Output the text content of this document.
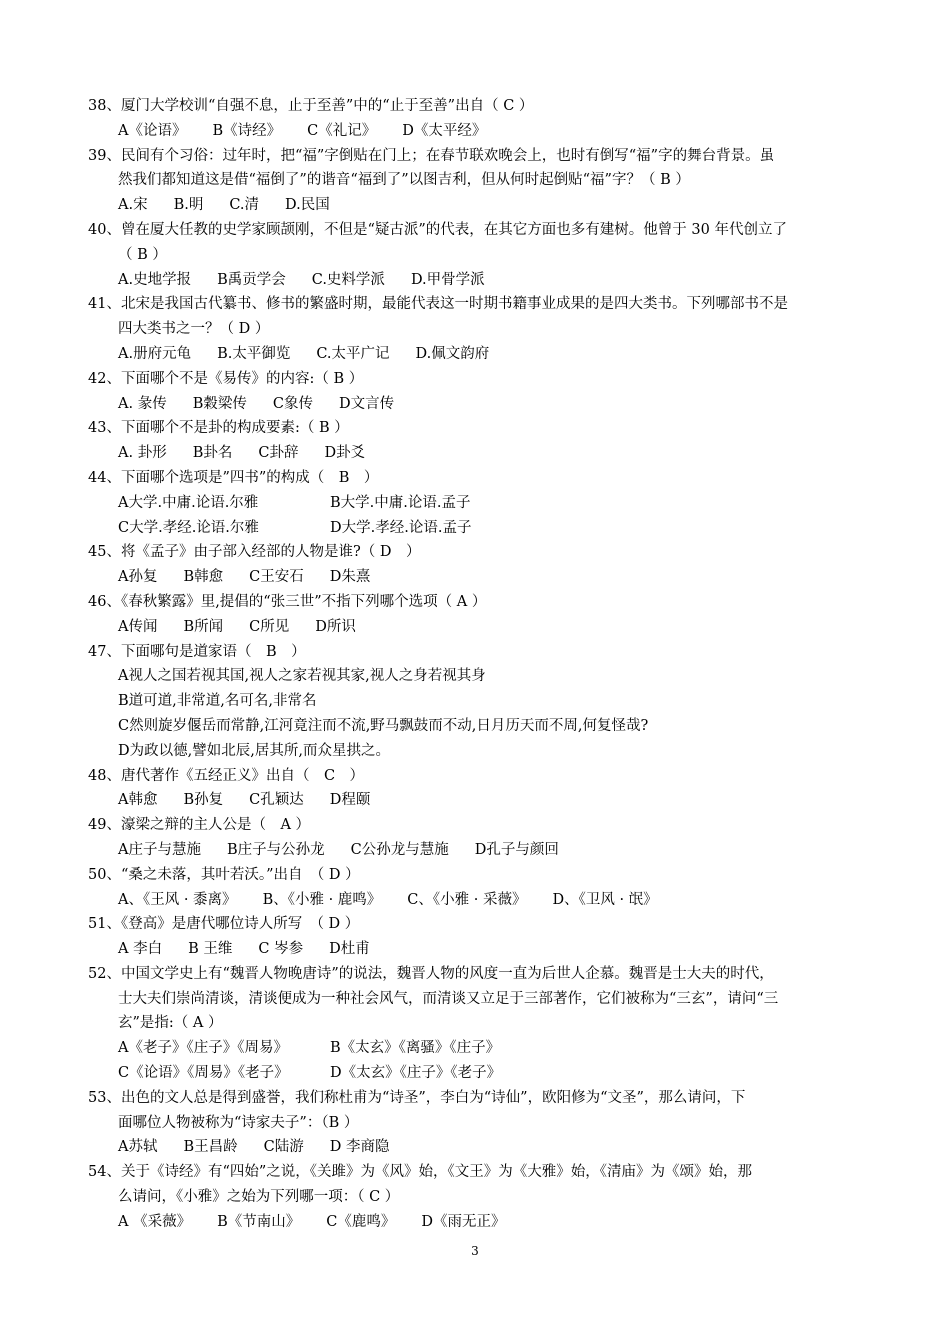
38、厦门大学校训“自强不息，止于至善”中的“止于至善”出自（ C ）
A《论语》 B《诗经》 C《礼记》 D《太平经》
39、民间有个习俗：过年时，把“福”字倒贴在门上；在春节联欢晚会上，也时有倒写“福”字的舞台背景。虽
然我们都知道这是借“福倒了”的谐音“福到了”以图吉利，但从何时起倒贴“福”字？（ B ）
A.宋 B.明 C.清 D.民国
40、曾在厦大任教的史学家顾颉刚，不但是“疑古派”的代表，在其它方面也多有建树。他曾于 30 年代创立了
（ B ）
A.史地学报 B禹贡学会 C.史料学派 D.甲骨学派
41、北宋是我国古代纂书、修书的繁盛时期，最能代表这一时期书籍事业成果的是四大类书。下列哪部书不是
四大类书之一？（ D ）
A.册府元龟 B.太平御览 C.太平广记 D.佩文韵府
42、下面哪个不是《易传》的内容:（ B ）
A. 彖传 B穀梁传 C象传 D文言传
43、下面哪个不是卦的构成要素:（ B ）
A. 卦形 B卦名 C卦辞 D卦爻
44、下面哪个选项是”四书”的构成（　B　）
A大学.中庸.论语.尔雅	B大学.中庸.论语.孟子
C大学.孝经.论语.尔雅	D大学.孝经.论语.孟子
45、将《孟子》由子部入经部的人物是谁?（ D　）
A孙复 B韩愈 C王安石 D朱熹
46、《春秋繁露》里,提倡的“张三世”不指下列哪个选项（ A ）
A传闻 B所闻 C所见 D所识
47、下面哪句是道家语（　B　）
A视人之国若视其国,视人之家若视其家,视人之身若视其身
B道可道,非常道,名可名,非常名
C然则旋岁偃岳而常静,江河竟注而不流,野马飘鼓而不动,日月历天而不周,何复怪哉?
D为政以德,譬如北辰,居其所,而众星拱之。
48、唐代著作《五经正义》出自（　C　）
A韩愈 B孙复 C孔颖达 D程颐
49、濠梁之辩的主人公是（　A ）
A庄子与慧施 B庄子与公孙龙 C公孙龙与慧施 D孔子与颜回
50、“桑之未落，其叶若沃。”出自　（ D ）
A、《王风 · 黍离》 B、《小雅 · 鹿鸣》 C、《小雅 · 采薇》 D、《卫风 · 氓》
51、《登高》是唐代哪位诗人所写　（ D ）
A 李白 B 王维 C 岑参 D杜甫
52、中国文学史上有“魏晋人物晚唐诗”的说法，魏晋人物的风度一直为后世人企慕。魏晋是士大夫的时代，
士大夫们崇尚清谈，清谈便成为一种社会风气，而清谈又立足于三部著作，它们被称为“三玄”，请问“三
玄”是指:（ A ）
A《老子》《庄子》《周易》	B《太玄》《离骚》《庄子》
C《论语》《周易》《老子》	D《太玄》《庄子》《老子》
53、出色的文人总是得到盛誉，我们称杜甫为“诗圣”，李白为“诗仙”，欧阳修为“文圣”，那么请问，下
面哪位人物被称为“诗家夫子”：（B ）
A苏轼 B王昌龄 C陆游 D 李商隐
54、关于《诗经》有“四始”之说，《关雎》为《风》始，《文王》为《大雅》始，《清庙》为《颂》始，那
么请问，《小雅》之始为下列哪一项：（ C ）
A 《采薇》 B《节南山》 C《鹿鸣》 D《雨无正》
3
